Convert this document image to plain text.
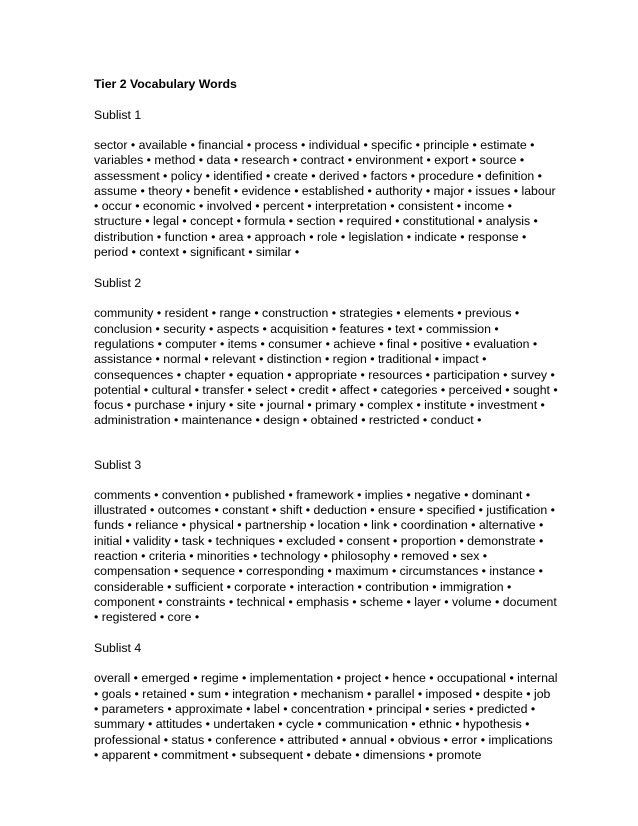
Tier 2 Vocabulary Words
Sublist 1
sector • available • financial • process • individual • specific • principle • estimate • variables • method • data • research • contract • environment • export • source • assessment • policy • identified • create • derived • factors • procedure • definition • assume • theory • benefit • evidence • established • authority • major • issues • labour • occur • economic • involved • percent • interpretation • consistent • income • structure • legal • concept • formula • section • required • constitutional • analysis • distribution • function • area • approach • role • legislation • indicate • response • period • context • significant • similar •
Sublist 2
community • resident • range • construction • strategies • elements • previous • conclusion • security • aspects • acquisition • features • text • commission • regulations • computer • items • consumer • achieve • final • positive • evaluation • assistance • normal • relevant • distinction • region • traditional • impact • consequences • chapter • equation • appropriate • resources • participation • survey • potential • cultural • transfer • select • credit • affect • categories • perceived • sought • focus • purchase • injury • site • journal • primary • complex • institute • investment • administration • maintenance • design • obtained • restricted • conduct •
Sublist 3
comments • convention • published • framework • implies • negative • dominant • illustrated • outcomes • constant • shift • deduction • ensure • specified • justification • funds • reliance • physical • partnership • location • link • coordination • alternative • initial • validity • task • techniques • excluded • consent • proportion • demonstrate • reaction • criteria • minorities • technology • philosophy • removed • sex • compensation • sequence • corresponding • maximum • circumstances • instance • considerable • sufficient • corporate • interaction • contribution • immigration • component • constraints • technical • emphasis • scheme • layer • volume • document • registered • core •
Sublist 4
overall • emerged • regime • implementation • project • hence • occupational • internal • goals • retained • sum • integration • mechanism • parallel • imposed • despite • job • parameters • approximate • label • concentration • principal • series • predicted • summary • attitudes • undertaken • cycle • communication • ethnic • hypothesis • professional • status • conference • attributed • annual • obvious • error • implications • apparent • commitment • subsequent • debate • dimensions • promote
